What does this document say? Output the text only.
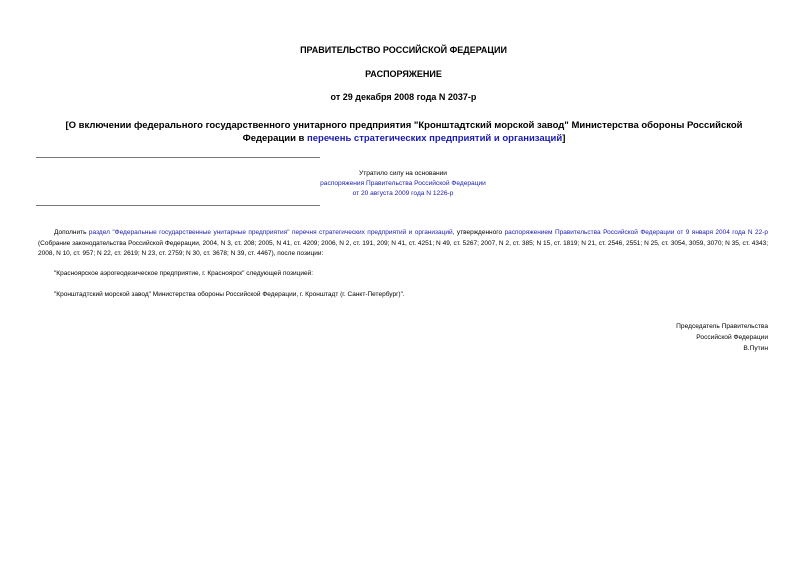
ПРАВИТЕЛЬСТВО РОССИЙСКОЙ ФЕДЕРАЦИИ
РАСПОРЯЖЕНИЕ
от 29 декабря 2008 года N 2037-р
[О включении федерального государственного унитарного предприятия "Кронштадтский морской завод" Министерства обороны Российской Федерации в перечень стратегических предприятий и организаций]
Утратило силу на основании
распоряжения Правительства Российской Федерации
от 20 августа 2009 года N 1226-р
Дополнить раздел "Федеральные государственные унитарные предприятия" перечня стратегических предприятий и организаций, утвержденного распоряжением Правительства Российской Федерации от 9 января 2004 года N 22-р (Собрание законодательства Российской Федерации, 2004, N 3, ст. 208; 2005, N 41, ст. 4209; 2006, N 2, ст. 191, 209; N 41, ст. 4251; N 49, ст. 5267; 2007, N 2, ст. 385; N 15, ст. 1819; N 21, ст. 2546, 2551; N 25, ст. 3054, 3059, 3070; N 35, ст. 4343; 2008, N 10, ст. 957; N 22, ст. 2619; N 23, ст. 2759; N 30, ст. 3678; N 39, ст. 4467), после позиции:
"Красноярское аэрогеодезическое предприятие, г. Красноярск" следующей позицией:
"Кронштадтский морской завод" Министерства обороны Российской Федерации, г. Кронштадт (г. Санкт-Петербург)".
Председатель Правительства
Российской Федерации
В.Путин
